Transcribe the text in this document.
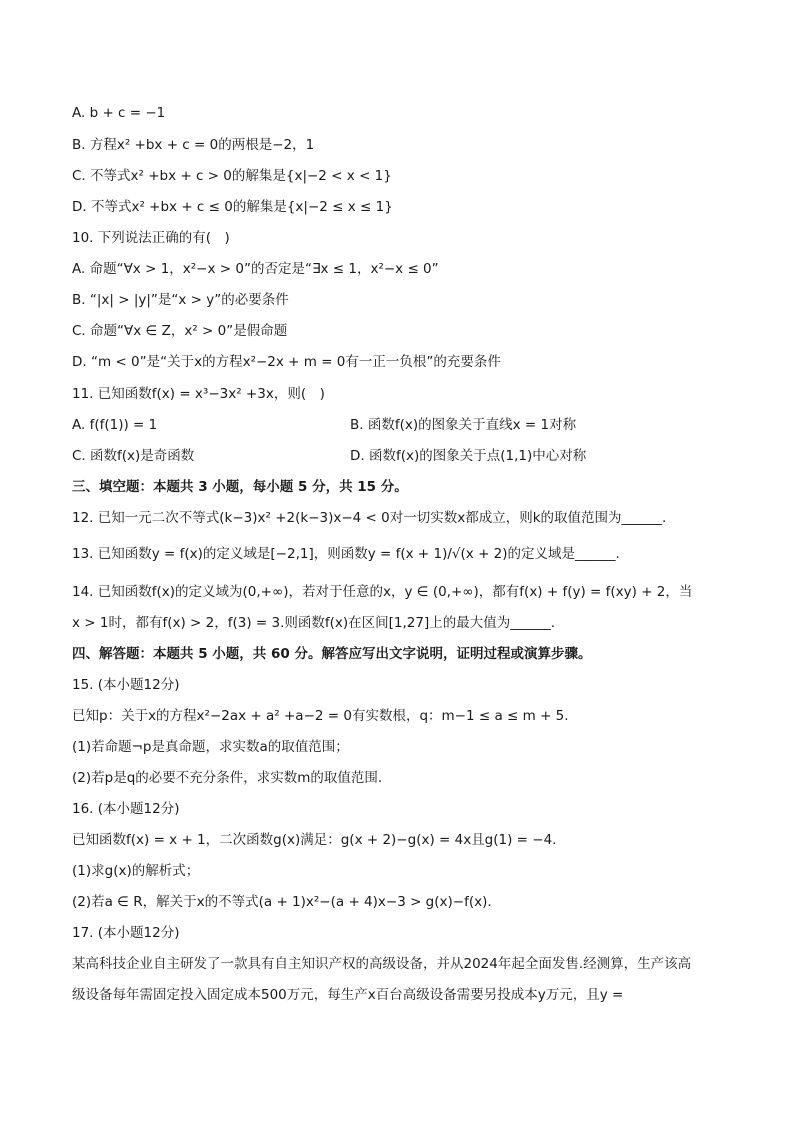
A. b + c = −1
B. 方程x² +bx + c = 0的两根是−2，1
C. 不等式x² +bx + c > 0的解集是{x|−2 < x < 1}
D. 不等式x² +bx + c ≤ 0的解集是{x|−2 ≤ x ≤ 1}
10. 下列说法正确的有(　)
A. 命题“∀x > 1，x²−x > 0”的否定是“∃x ≤ 1，x²−x ≤ 0”
B. “|x| > |y|”是“x > y”的必要条件
C. 命题“∀x ∈ Z，x² > 0”是假命题
D. “m < 0”是“关于x的方程x²−2x + m = 0有一正一负根”的充要条件
11. 已知函数f(x) = x³−3x² +3x，则(　)
A. f(f(1)) = 1	B. 函数f(x)的图象关于直线x = 1对称
C. 函数f(x)是奇函数	D. 函数f(x)的图象关于点(1,1)中心对称
三、填空题：本题共 3 小题，每小题 5 分，共 15 分。
12. 已知一元二次不等式(k−3)x² +2(k−3)x−4 < 0对一切实数x都成立，则k的取值范围为______.
13. 已知函数y = f(x)的定义域是[−2,1]，则函数y = f(x + 1)/√(x + 2)的定义域是______.
14. 已知函数f(x)的定义域为(0,+∞)，若对于任意的x，y ∈ (0,+∞)，都有f(x) + f(y) = f(xy) + 2，当
x > 1时，都有f(x) > 2，f(3) = 3.则函数f(x)在区间[1,27]上的最大值为______.
四、解答题：本题共 5 小题，共 60 分。解答应写出文字说明，证明过程或演算步骤。
15. (本小题12分)
已知p：关于x的方程x²−2ax + a² +a−2 = 0有实数根，q：m−1 ≤ a ≤ m + 5.
(1)若命题¬p是真命题，求实数a的取值范围；
(2)若p是q的必要不充分条件，求实数m的取值范围.
16. (本小题12分)
已知函数f(x) = x + 1，二次函数g(x)满足：g(x + 2)−g(x) = 4x且g(1) = −4.
(1)求g(x)的解析式；
(2)若a ∈ R，解关于x的不等式(a + 1)x²−(a + 4)x−3 > g(x)−f(x).
17. (本小题12分)
某高科技企业自主研发了一款具有自主知识产权的高级设备，并从2024年起全面发售.经测算，生产该高
级设备每年需固定投入固定成本500万元，每生产x百台高级设备需要另投成本y万元，且y =
